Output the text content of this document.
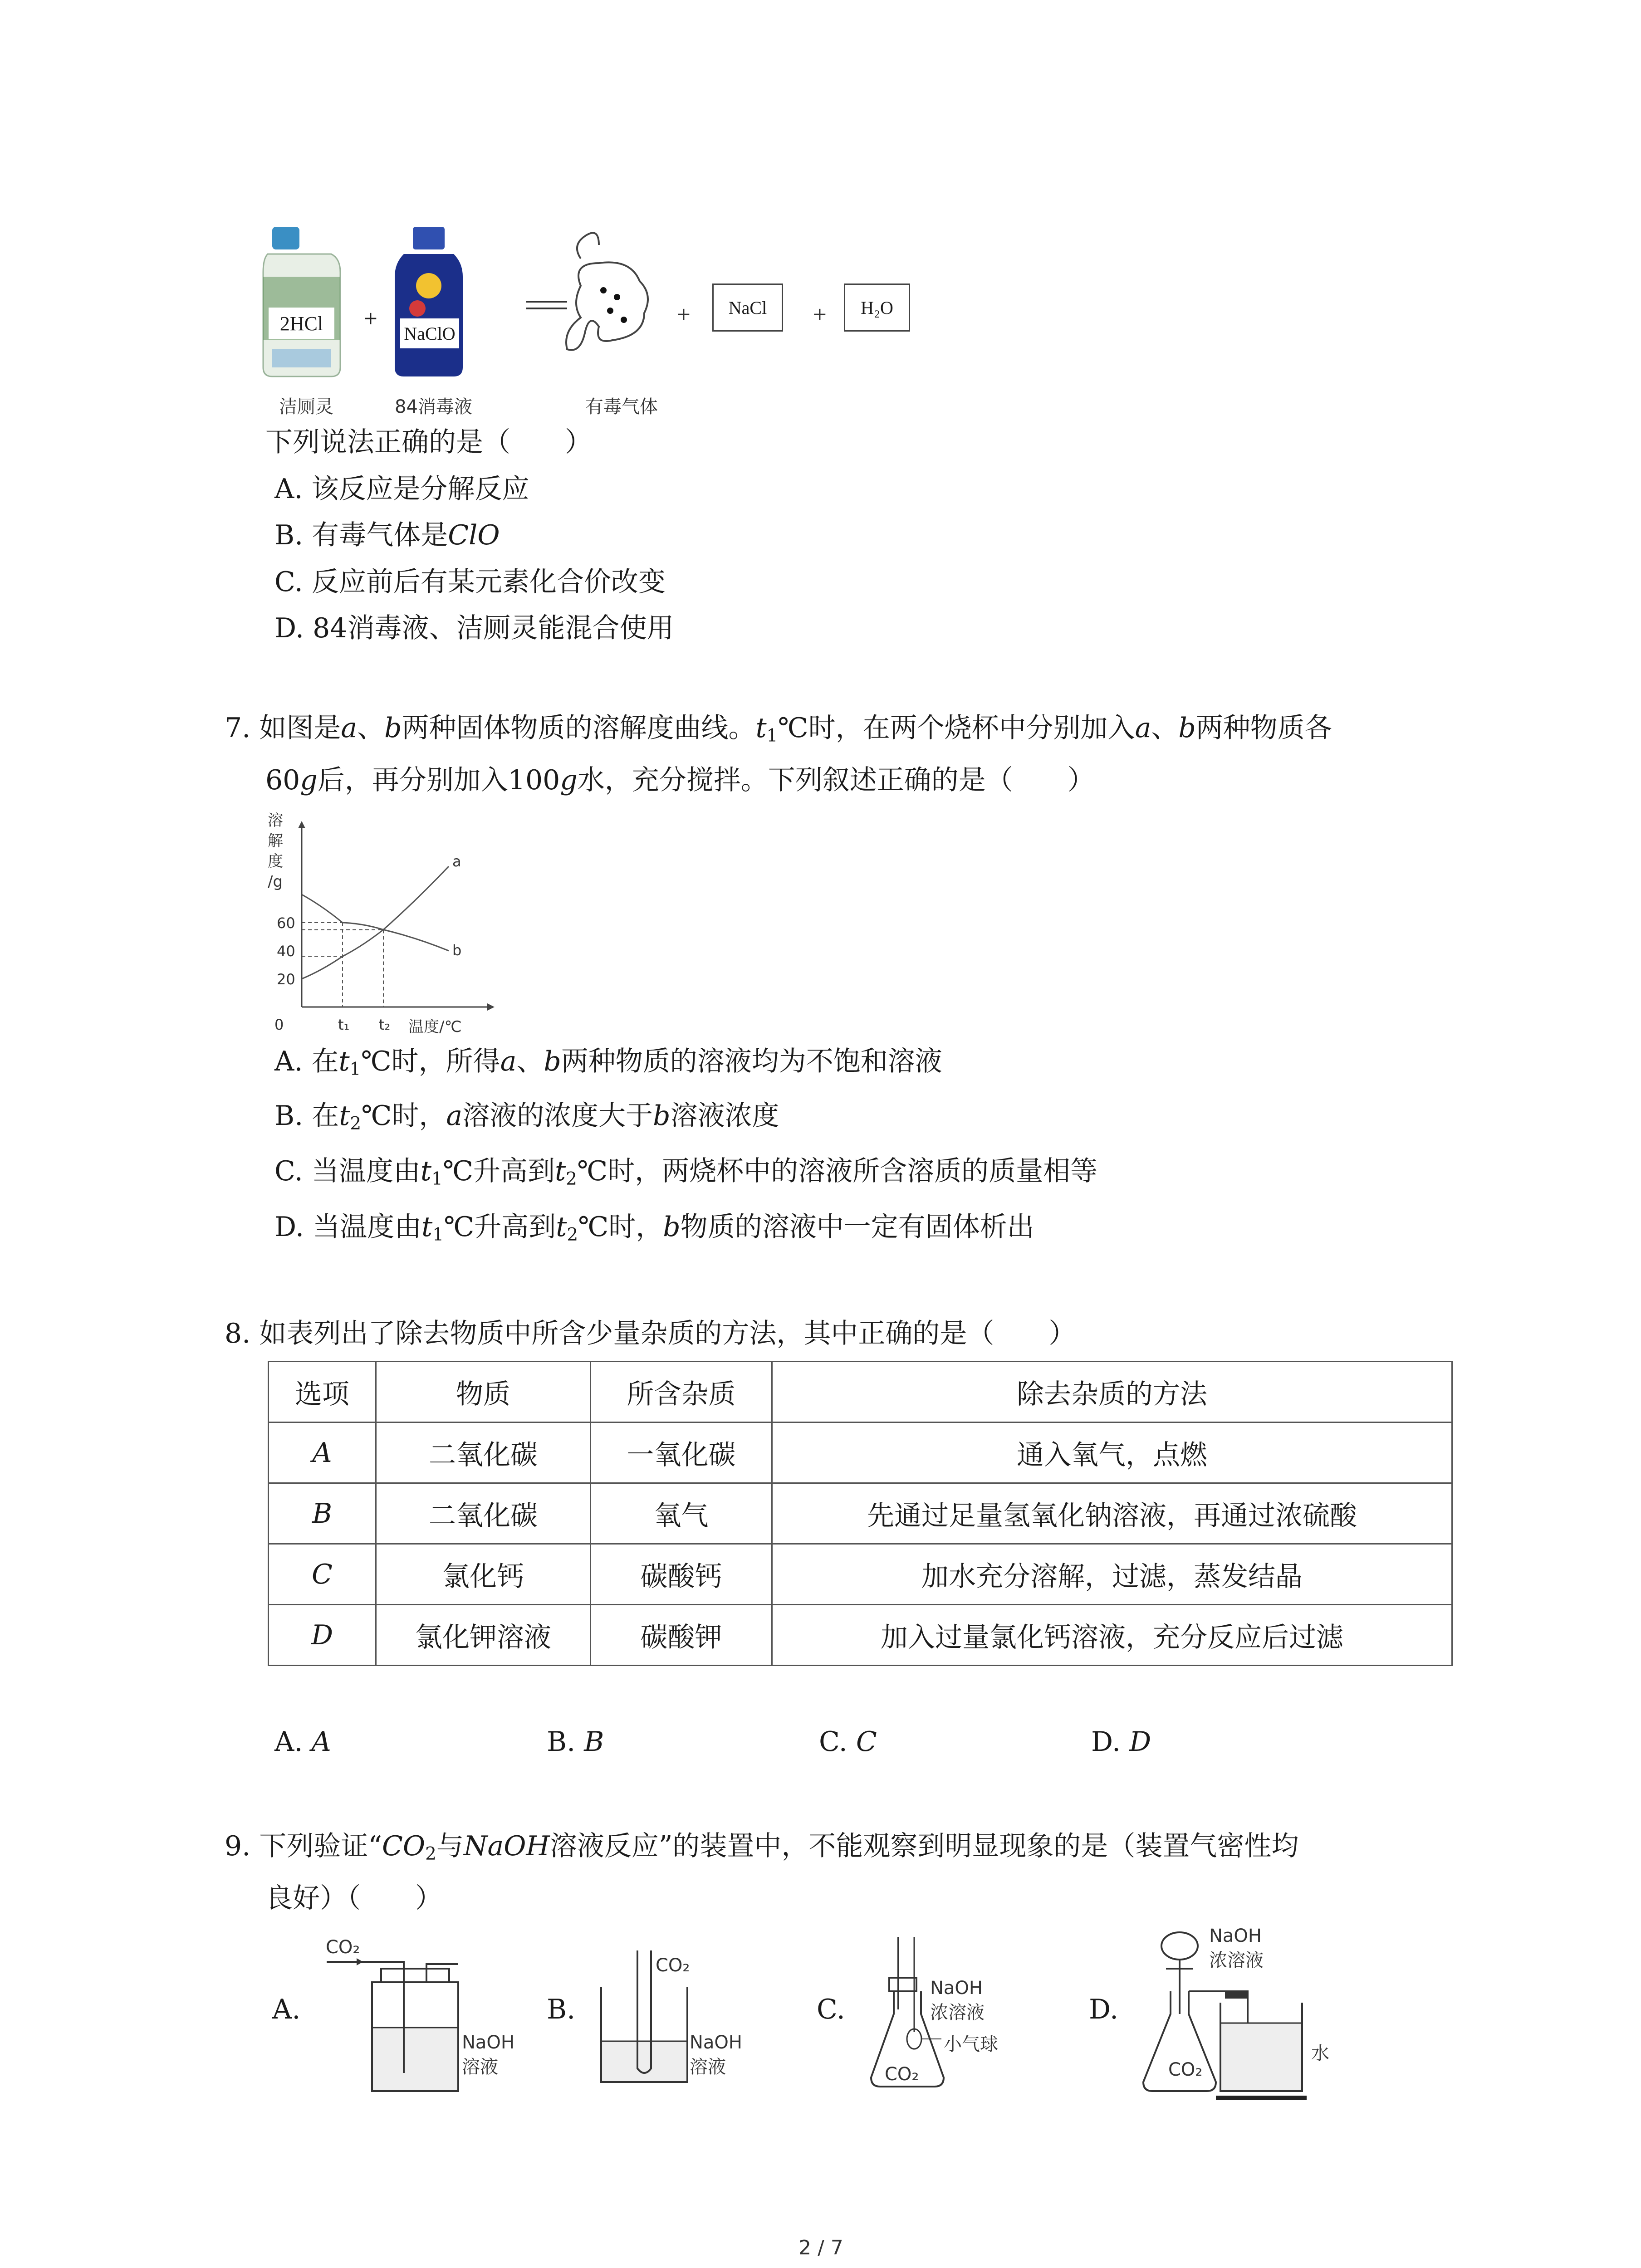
+
2HCl	NaClO
+	NaCl	+	H₂O
洁厕灵	84消毒液	有毒气体
下列说法正确的是（　　）
A. 该反应是分解反应
B. 有毒气体是ClO
C. 反应前后有某元素化合价改变
D. 84消毒液、洁厕灵能混合使用
7. 如图是a、b两种固体物质的溶解度曲线。$t_1℃$时，在两个烧杯中分别加入a、b两种物质各
60g后，再分别加入100g水，充分搅拌。下列叙述正确的是（　　）
溶
解
度
/g
60
40
20
t₁ t₂
0	温度/℃
a
b
A. 在$t_1℃$时，所得a、b两种物质的溶液均为不饱和溶液
B. 在$t_2℃$时，a溶液的浓度大于b溶液浓度
C. 当温度由$t_1℃$升高到$t_2℃$时，两烧杯中的溶液所含溶质的质量相等
D. 当温度由$t_1℃$升高到$t_2℃$时，b物质的溶液中一定有固体析出
8. 如表列出了除去物质中所含少量杂质的方法，其中正确的是（　　）
选项	物质	所含杂质	除去杂质的方法
A	二氧化碳	一氧化碳	通入氧气，点燃
B	二氧化碳	氧气	先通过足量氢氧化钠溶液，再通过浓硫酸
C	氯化钙	碳酸钙	加水充分溶解，过滤，蒸发结晶
D	氯化钾溶液	碳酸钾	加入过量氯化钙溶液，充分反应后过滤
A. A	B. B	C. C	D. D
9. 下列验证“$CO_2$与NaOH溶液反应”的装置中，不能观察到明显现象的是（装置气密性均
良好）（　　）
A.
CO₂
NaOH
溶液
B.
CO₂
NaOH
溶液
C.
NaOH
浓溶液
小气球
CO₂
D.
NaOH
浓溶液
CO₂
水
2 / 7
